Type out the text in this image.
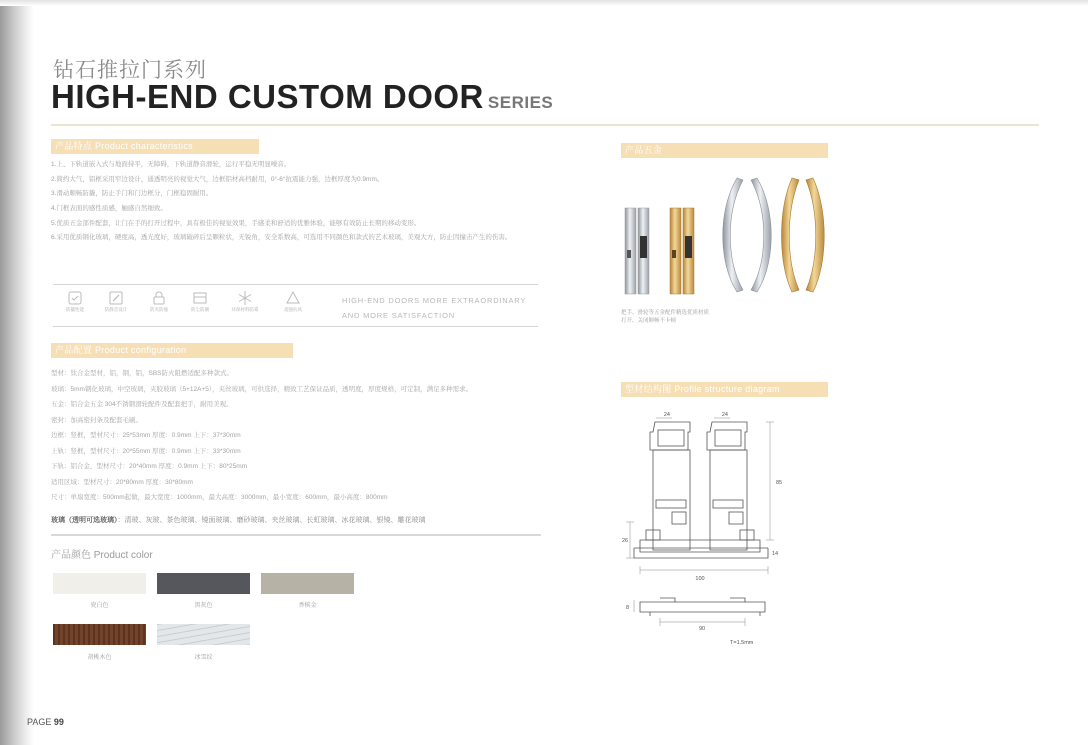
钻石推拉门系列
HIGH-END CUSTOM DOOR SERIES
产品特点 Product characteristics
1.上、下轨道嵌入式与地面持平，无障碍，下轨道静音滑轮，运行平稳无明显噪音。
2.简约大气，铝框采用窄边设计，通透明亮的视觉大气，边框铝材高档耐用，0°-6°抗震能力强，边框厚度为0.9mm。
3.滑动顺畅防撬，防止手门和门边框分，门框稳固耐用。
4.门框表面的感性质感，触感自然细致。
5.优质五金部件配套，让门在手的打开过程中，具有极佳的视觉效果，手感柔和舒适的优雅体验，能够有效防止长期的移动变形。
6.采用优质钢化玻璃，硬度高，透光度好，玻璃破碎后呈颗粒状，无锐角，安全系数高，可选用不同颜色和款式的艺术玻璃，美观大方，防止因撞击产生的伤害。
防撬性能	防静音设计	防夹防撞	防尘防潮	环保材料防霉	超强抗风
HIGH-END DOORS MORE EXTRAORDINARY
AND MORE SATISFACTION
产品配置 Product configuration
型材：钛合金型材，铝，钢，铝，SBS防火阻燃适配多种款式。
玻璃：5mm钢化玻璃，中空玻璃，夹胶玻璃（5+12A+5），夹丝玻璃，可供选择，精致工艺保证品质，透明度，厚度规格，可定制，满足多种需求。
五金：铝合金五金 304不锈钢滑轮配件及配套把手，耐用美观。
密封：加高密封条及配套毛刷。
边框：竖框，型材尺寸：25*53mm 厚度：0.9mm 上下：37*30mm
上轨：竖框，型材尺寸：20*55mm 厚度：0.9mm 上下：33*30mm
下轨：铝合金，型材尺寸：20*40mm 厚度：0.9mm 上下：80*25mm
适用区域：型材尺寸：20*80mm 厚度：30*80mm
尺寸：单扇宽度：500mm起做，最大宽度：1000mm，最大高度：3000mm，最小宽度：600mm，最小高度：800mm
玻璃（透明可选玻璃）：清玻、灰玻、茶色玻璃、镜面玻璃、磨砂玻璃、夹丝玻璃、长虹玻璃、冰花玻璃、银镜、雕花玻璃
产品颜色 Product color
瓷白色	黑灰色	香槟金
胡桃木色	冰雪纹
产品五金
把手、滑轮等五金配件精选优质材质
打开、关闭顺畅不卡顿
型材结构图 Profile structure diagram
24	24
85
26
14
100
8
90
T=1.5mm
PAGE 99
